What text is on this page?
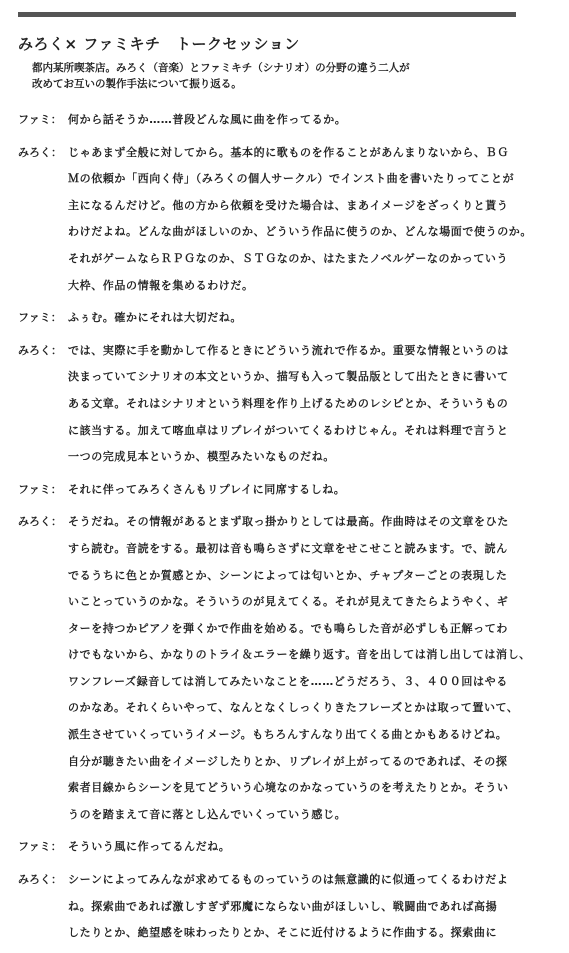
みろく× ファミキチ　トークセッション
都内某所喫茶店。みろく（音楽）とファミキチ（シナリオ）の分野の違う二人が
改めてお互いの製作手法について振り返る。
ファミ： 何から話そうか……普段どんな風に曲を作ってるか。
みろく： じゃあまず全般に対してから。基本的に歌ものを作ることがあんまりないから、ＢＧ
Ｍの依頼か「西向く侍」（みろくの個人サークル）でインスト曲を書いたりってことが
主になるんだけど。他の方から依頼を受けた場合は、まあイメージをざっくりと貰う
わけだよね。どんな曲がほしいのか、どういう作品に使うのか、どんな場面で使うのか。
それがゲームならＲＰＧなのか、ＳＴＧなのか、はたまたノベルゲーなのかっていう
大枠、作品の情報を集めるわけだ。
ファミ： ふぅむ。確かにそれは大切だね。
みろく： では、実際に手を動かして作るときにどういう流れで作るか。重要な情報というのは
決まっていてシナリオの本文というか、描写も入って製品版として出たときに書いて
ある文章。それはシナリオという料理を作り上げるためのレシピとか、そういうもの
に該当する。加えて喀血卓はリプレイがついてくるわけじゃん。それは料理で言うと
一つの完成見本というか、模型みたいなものだね。
ファミ： それに伴ってみろくさんもリプレイに同席するしね。
みろく： そうだね。その情報があるとまず取っ掛かりとしては最高。作曲時はその文章をひた
すら読む。音読をする。最初は音も鳴らさずに文章をせこせこと読みます。で、読ん
でるうちに色とか質感とか、シーンによっては匂いとか、チャプターごとの表現した
いことっていうのかな。そういうのが見えてくる。それが見えてきたらようやく、ギ
ターを持つかピアノを弾くかで作曲を始める。でも鳴らした音が必ずしも正解ってわ
けでもないから、かなりのトライ＆エラーを繰り返す。音を出しては消し出しては消し、
ワンフレーズ録音しては消してみたいなことを……どうだろう、３、４００回はやる
のかなあ。それくらいやって、なんとなくしっくりきたフレーズとかは取って置いて、
派生させていくっていうイメージ。もちろんすんなり出てくる曲とかもあるけどね。
自分が聴きたい曲をイメージしたりとか、リプレイが上がってるのであれば、その探
索者目線からシーンを見てどういう心境なのかなっていうのを考えたりとか。そうい
うのを踏まえて音に落とし込んでいくっていう感じ。
ファミ： そういう風に作ってるんだね。
みろく： シーンによってみんなが求めてるものっていうのは無意識的に似通ってくるわけだよ
ね。探索曲であれば激しすぎず邪魔にならない曲がほしいし、戦闘曲であれば高揚
したりとか、絶望感を味わったりとか、そこに近付けるように作曲する。探索曲に
